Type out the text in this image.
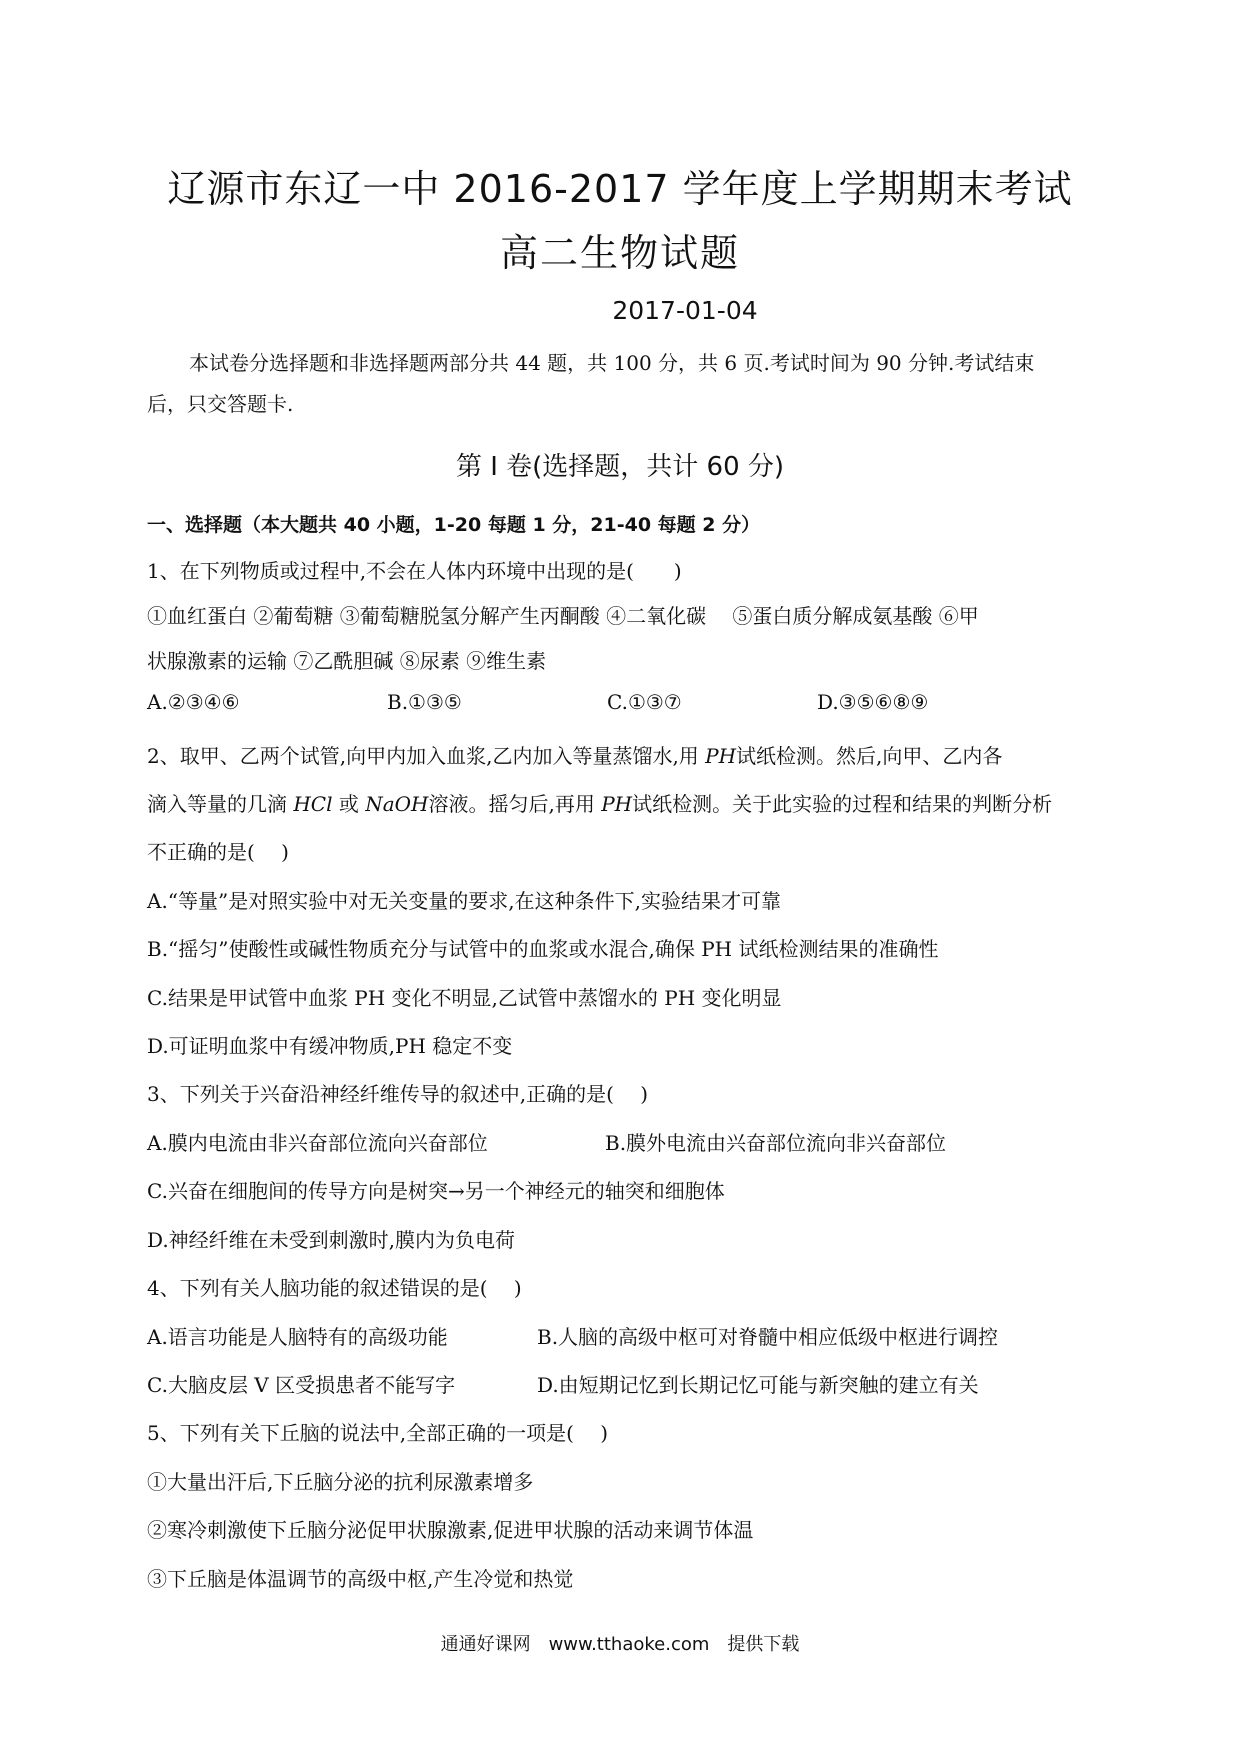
辽源市东辽一中 2016-2017 学年度上学期期末考试
高二生物试题
2017-01-04
本试卷分选择题和非选择题两部分共 44 题，共 100 分，共 6 页.考试时间为 90 分钟.考试结束
后，只交答题卡.
第 I 卷(选择题，共计 60 分)
一、选择题（本大题共 40 小题，1-20 每题 1 分，21-40 每题 2 分）
1、在下列物质或过程中,不会在人体内环境中出现的是(　　)
①血红蛋白 ②葡萄糖 ③葡萄糖脱氢分解产生丙酮酸 ④二氧化碳　 ⑤蛋白质分解成氨基酸 ⑥甲
状腺激素的运输 ⑦乙酰胆碱 ⑧尿素 ⑨维生素
A.②③④⑥	B.①③⑤	C.①③⑦	D.③⑤⑥⑧⑨
2、取甲、乙两个试管,向甲内加入血浆,乙内加入等量蒸馏水,用 PH试纸检测。然后,向甲、乙内各
滴入等量的几滴 HCl 或 NaOH溶液。摇匀后,再用 PH试纸检测。关于此实验的过程和结果的判断分析
不正确的是(　 )
A.“等量”是对照实验中对无关变量的要求,在这种条件下,实验结果才可靠
B.“摇匀”使酸性或碱性物质充分与试管中的血浆或水混合,确保 PH 试纸检测结果的准确性
C.结果是甲试管中血浆 PH 变化不明显,乙试管中蒸馏水的 PH 变化明显
D.可证明血浆中有缓冲物质,PH 稳定不变
3、下列关于兴奋沿神经纤维传导的叙述中,正确的是(　 )
A.膜内电流由非兴奋部位流向兴奋部位	B.膜外电流由兴奋部位流向非兴奋部位
C.兴奋在细胞间的传导方向是树突→另一个神经元的轴突和细胞体
D.神经纤维在未受到刺激时,膜内为负电荷
4、下列有关人脑功能的叙述错误的是(　 )
A.语言功能是人脑特有的高级功能	B.人脑的高级中枢可对脊髓中相应低级中枢进行调控
C.大脑皮层 V 区受损患者不能写字	D.由短期记忆到长期记忆可能与新突触的建立有关
5、下列有关下丘脑的说法中,全部正确的一项是(　 )
①大量出汗后,下丘脑分泌的抗利尿激素增多
②寒冷刺激使下丘脑分泌促甲状腺激素,促进甲状腺的活动来调节体温
③下丘脑是体温调节的高级中枢,产生冷觉和热觉
通通好课网　www.tthaoke.com　提供下载
